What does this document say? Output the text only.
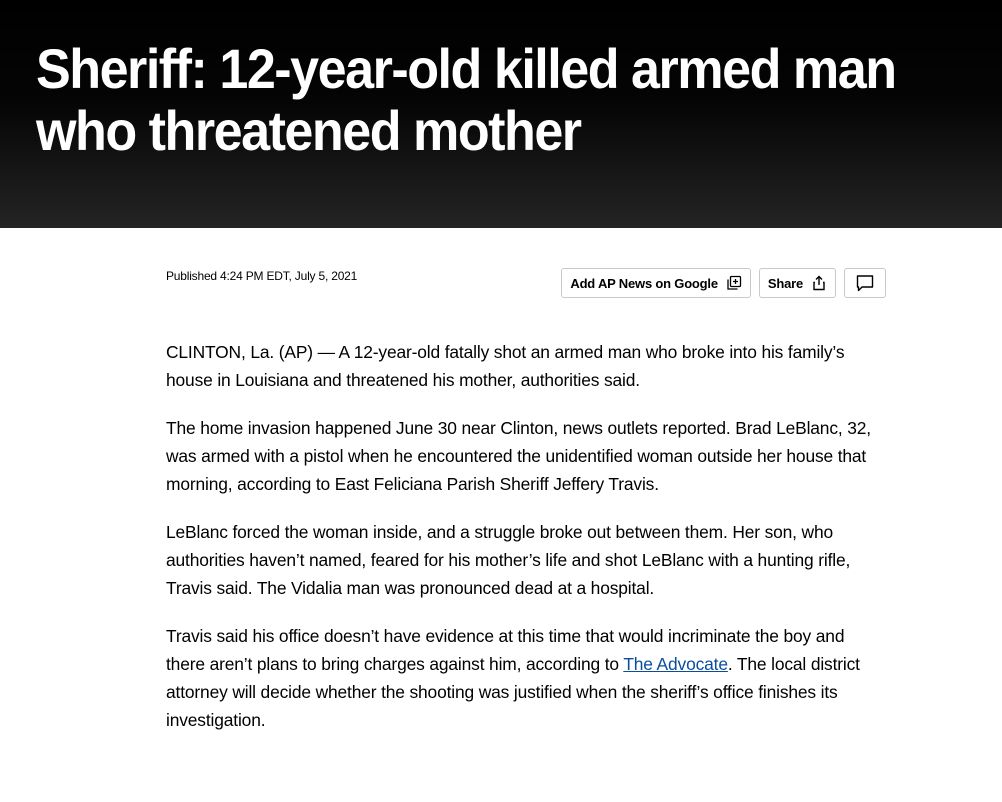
Sheriff: 12-year-old killed armed man
who threatened mother
Published 4:24 PM EDT, July 5, 2021	Add AP News on Google	Share

CLINTON, La. (AP) — A 12-year-old fatally shot an armed man who broke into his family’s house in Louisiana and threatened his mother, authorities said.

The home invasion happened June 30 near Clinton, news outlets reported. Brad LeBlanc, 32, was armed with a pistol when he encountered the unidentified woman outside her house that morning, according to East Feliciana Parish Sheriff Jeffery Travis.

LeBlanc forced the woman inside, and a struggle broke out between them. Her son, who authorities haven’t named, feared for his mother’s life and shot LeBlanc with a hunting rifle, Travis said. The Vidalia man was pronounced dead at a hospital.

Travis said his office doesn’t have evidence at this time that would incriminate the boy and there aren’t plans to bring charges against him, according to The Advocate. The local district attorney will decide whether the shooting was justified when the sheriff’s office finishes its investigation.
